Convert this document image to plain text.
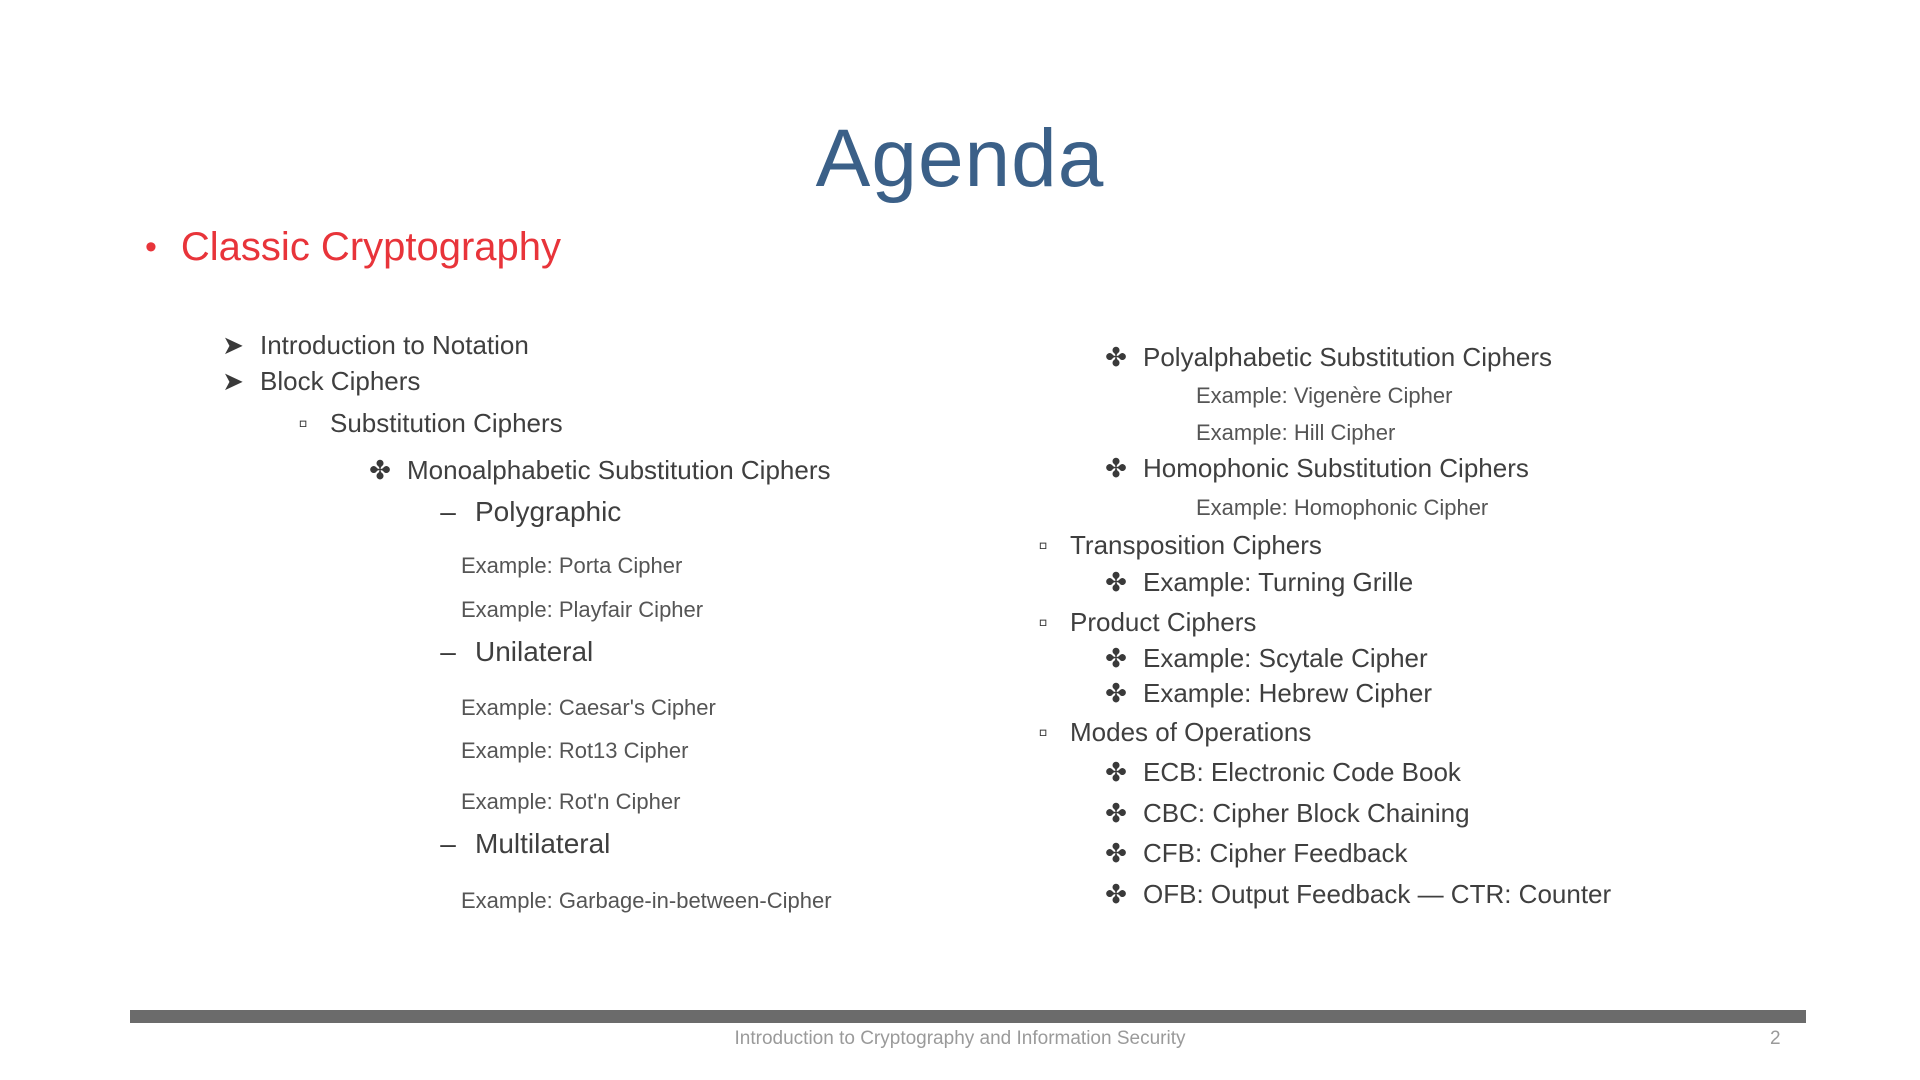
Agenda
• Classic Cryptography
➤ Introduction to Notation
➤ Block Ciphers
▫ Substitution Ciphers
✤ Monoalphabetic Substitution Ciphers
– Polygraphic
Example: Porta Cipher
Example: Playfair Cipher
– Unilateral
Example: Caesar's Cipher
Example: Rot13 Cipher
Example: Rot'n Cipher
– Multilateral
Example: Garbage-in-between-Cipher
✤ Polyalphabetic Substitution Ciphers
Example: Vigenère Cipher
Example: Hill Cipher
✤ Homophonic Substitution Ciphers
Example: Homophonic Cipher
▫ Transposition Ciphers
✤ Example: Turning Grille
▫ Product Ciphers
✤ Example: Scytale Cipher
✤ Example: Hebrew Cipher
▫ Modes of Operations
✤ ECB: Electronic Code Book
✤ CBC: Cipher Block Chaining
✤ CFB: Cipher Feedback
✤ OFB: Output Feedback — CTR: Counter
Introduction to Cryptography and Information Security	2
